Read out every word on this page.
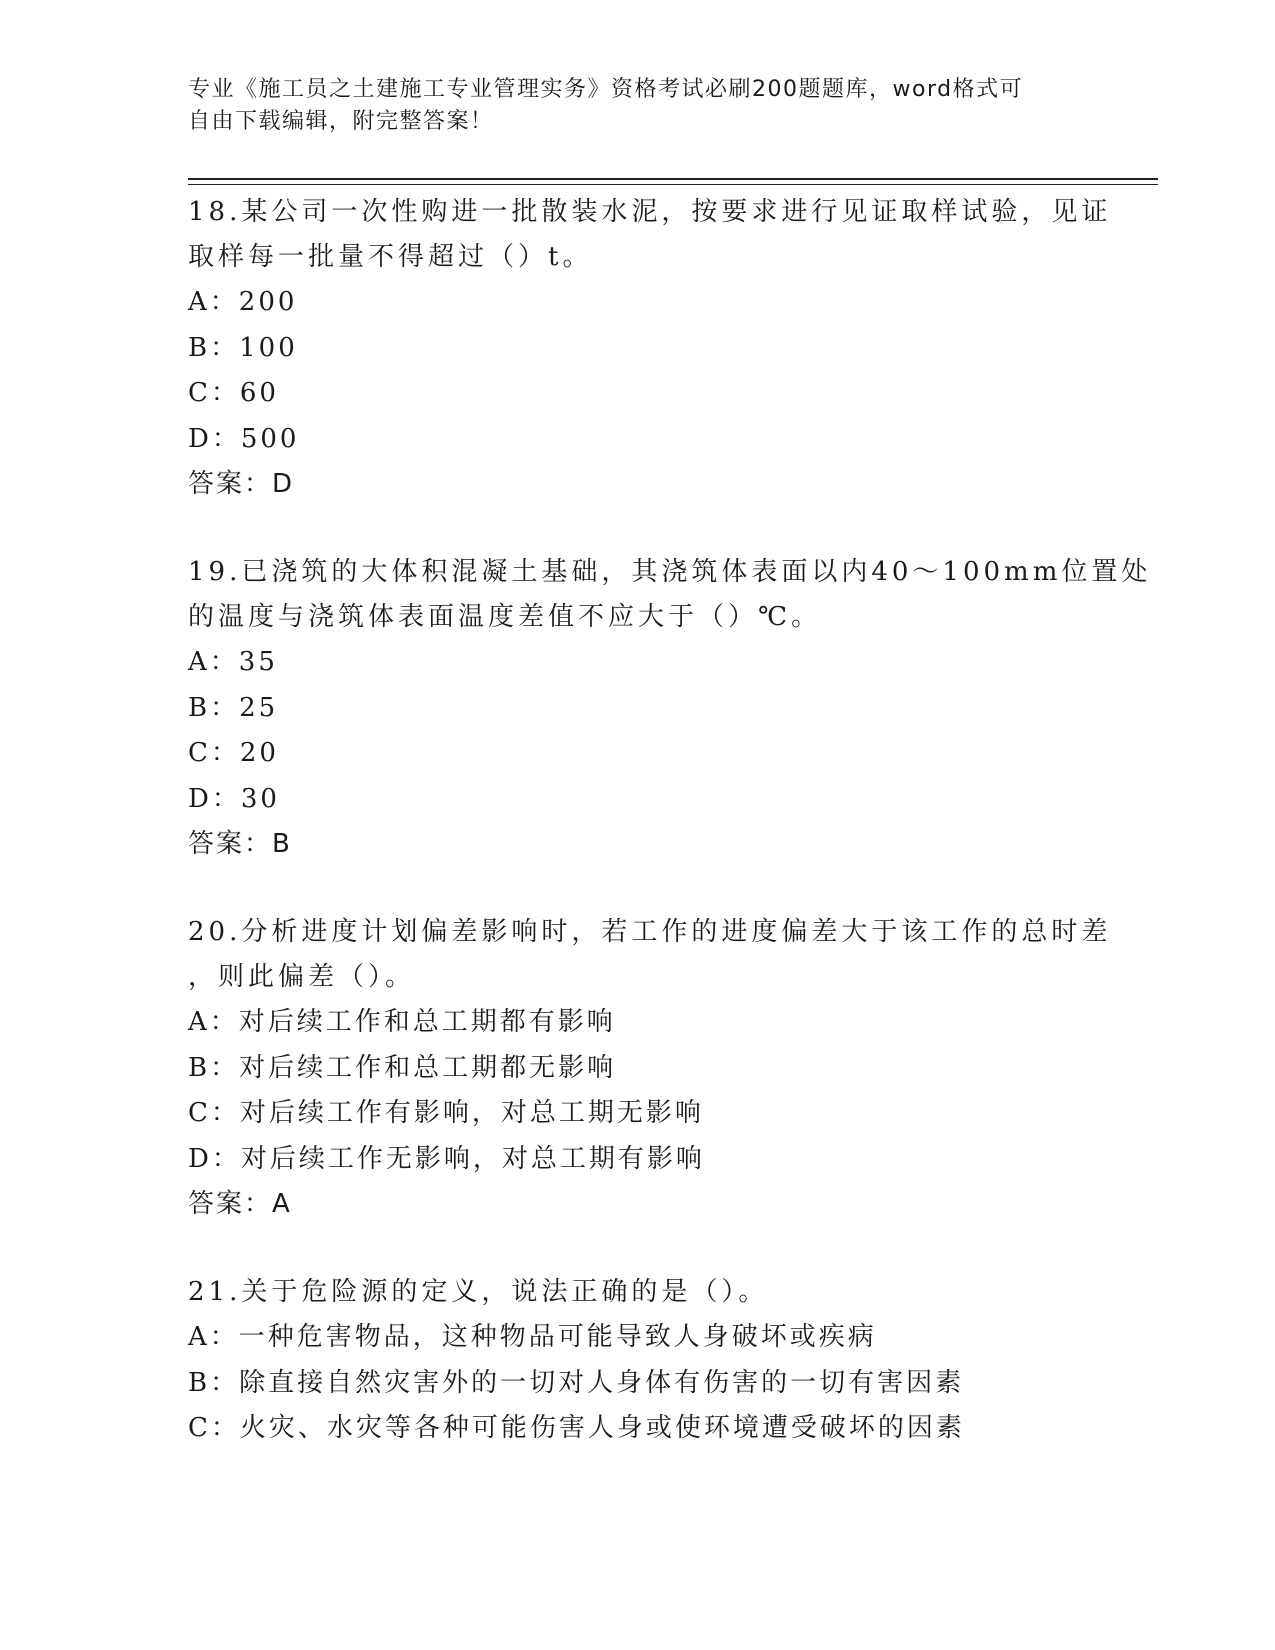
专业《施工员之土建施工专业管理实务》资格考试必刷200题题库，word格式可
自由下载编辑，附完整答案！

18.某公司一次性购进一批散装水泥，按要求进行见证取样试验，见证

取样每一批量不得超过（）t。

A：200

B：100

C：60

D：500

答案：D

19.已浇筑的大体积混凝土基础，其浇筑体表面以内40～100mm位置处

的温度与浇筑体表面温度差值不应大于（）℃。

A：35

B：25

C：20

D：30

答案：B

20.分析进度计划偏差影响时，若工作的进度偏差大于该工作的总时差

，则此偏差（）。

A：对后续工作和总工期都有影响

B：对后续工作和总工期都无影响

C：对后续工作有影响，对总工期无影响

D：对后续工作无影响，对总工期有影响

答案：A

21.关于危险源的定义，说法正确的是（）。

A：一种危害物品，这种物品可能导致人身破坏或疾病

B：除直接自然灾害外的一切对人身体有伤害的一切有害因素

C：火灾、水灾等各种可能伤害人身或使环境遭受破坏的因素
